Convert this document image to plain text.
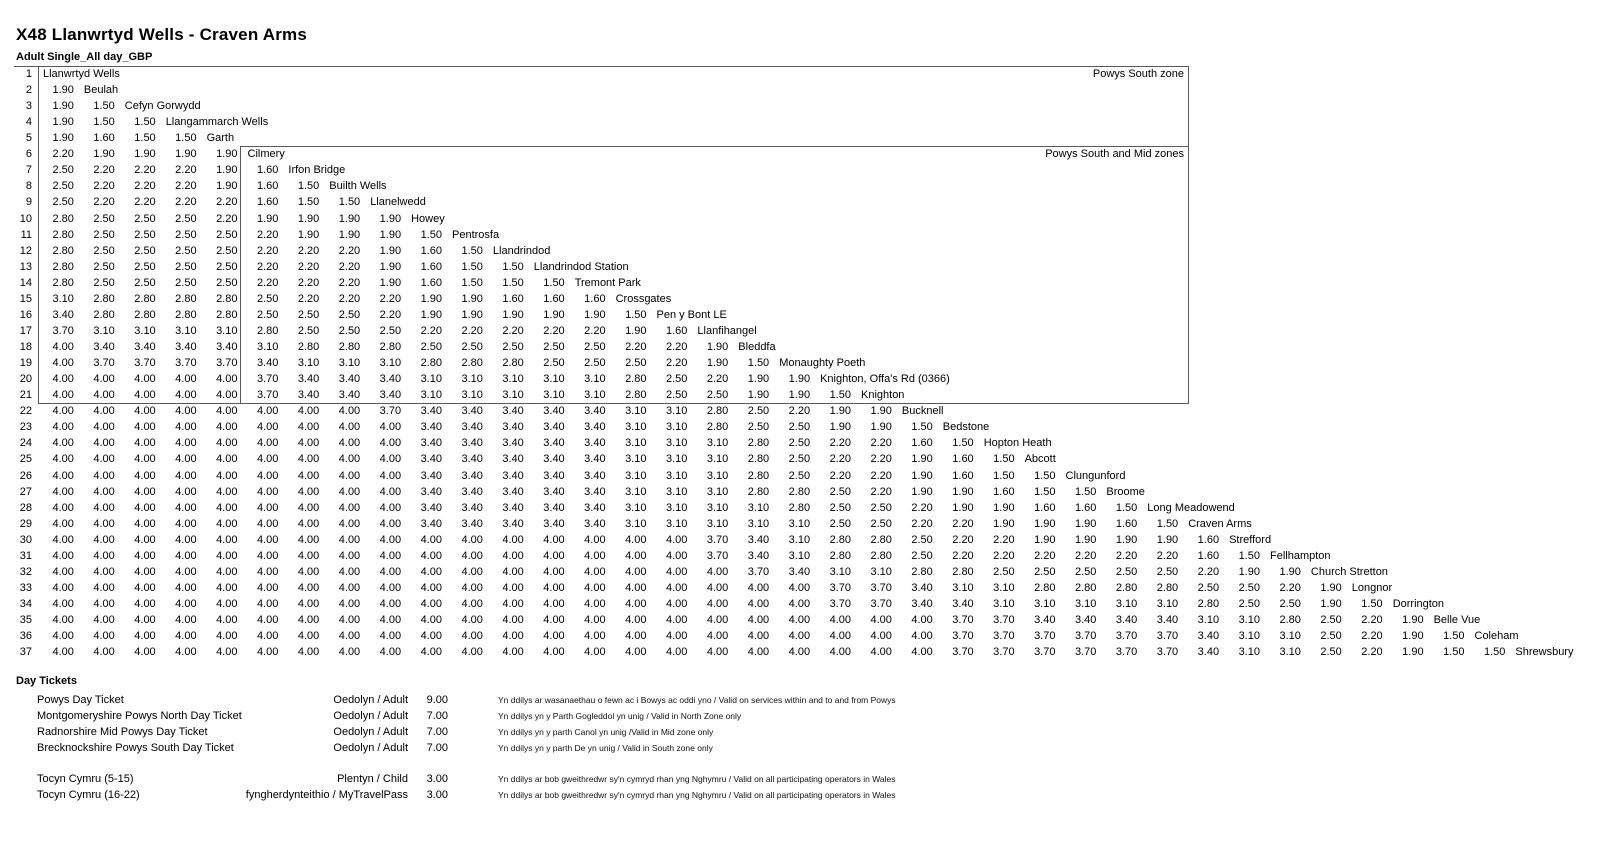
X48 Llanwrtyd Wells - Craven Arms
Adult Single_All day_GBP
1 Llanwrtyd Wells
2	1.90 Beulah
3	1.90	1.50 Cefyn Gorwydd
4	1.90	1.50	1.50 Llangammarch Wells
5	1.90	1.60	1.50	1.50 Garth
6	2.20	1.90	1.90	1.90	1.90 Cilmery
7	2.50	2.20	2.20	2.20	1.90	1.60 Irfon Bridge
8	2.50	2.20	2.20	2.20	1.90	1.60	1.50 Builth Wells
9	2.50	2.20	2.20	2.20	2.20	1.60	1.50	1.50 Llanelwedd
10	2.80	2.50	2.50	2.50	2.20	1.90	1.90	1.90	1.90 Howey
11	2.80	2.50	2.50	2.50	2.50	2.20	1.90	1.90	1.90	1.50 Pentrosfa
12	2.80	2.50	2.50	2.50	2.50	2.20	2.20	2.20	1.90	1.60	1.50 Llandrindod
13	2.80	2.50	2.50	2.50	2.50	2.20	2.20	2.20	1.90	1.60	1.50	1.50 Llandrindod Station
14	2.80	2.50	2.50	2.50	2.50	2.20	2.20	2.20	1.90	1.60	1.50	1.50	1.50 Tremont Park
15	3.10	2.80	2.80	2.80	2.80	2.50	2.20	2.20	2.20	1.90	1.90	1.60	1.60	1.60 Crossgates
16	3.40	2.80	2.80	2.80	2.80	2.50	2.50	2.50	2.20	1.90	1.90	1.90	1.90	1.90	1.50 Pen y Bont LE
17	3.70	3.10	3.10	3.10	3.10	2.80	2.50	2.50	2.50	2.20	2.20	2.20	2.20	2.20	1.90	1.60 Llanfihangel
18	4.00	3.40	3.40	3.40	3.40	3.10	2.80	2.80	2.80	2.50	2.50	2.50	2.50	2.50	2.20	2.20	1.90 Bleddfa
19	4.00	3.70	3.70	3.70	3.70	3.40	3.10	3.10	3.10	2.80	2.80	2.80	2.50	2.50	2.50	2.20	1.90	1.50 Monaughty Poeth
20	4.00	4.00	4.00	4.00	4.00	3.70	3.40	3.40	3.40	3.10	3.10	3.10	3.10	3.10	2.80	2.50	2.20	1.90	1.90 Knighton, Offa's Rd (0366)
21	4.00	4.00	4.00	4.00	4.00	3.70	3.40	3.40	3.40	3.10	3.10	3.10	3.10	3.10	2.80	2.50	2.50	1.90	1.90	1.50 Knighton
22	4.00	4.00	4.00	4.00	4.00	4.00	4.00	4.00	3.70	3.40	3.40	3.40	3.40	3.40	3.10	3.10	2.80	2.50	2.20	1.90	1.90 Bucknell
23	4.00	4.00	4.00	4.00	4.00	4.00	4.00	4.00	4.00	3.40	3.40	3.40	3.40	3.40	3.10	3.10	2.80	2.50	2.50	1.90	1.90	1.50 Bedstone
24	4.00	4.00	4.00	4.00	4.00	4.00	4.00	4.00	4.00	3.40	3.40	3.40	3.40	3.40	3.10	3.10	3.10	2.80	2.50	2.20	2.20	1.60	1.50 Hopton Heath
25	4.00	4.00	4.00	4.00	4.00	4.00	4.00	4.00	4.00	3.40	3.40	3.40	3.40	3.40	3.10	3.10	3.10	2.80	2.50	2.20	2.20	1.90	1.60	1.50 Abcott
26	4.00	4.00	4.00	4.00	4.00	4.00	4.00	4.00	4.00	3.40	3.40	3.40	3.40	3.40	3.10	3.10	3.10	2.80	2.50	2.20	2.20	1.90	1.60	1.50	1.50 Clungunford
27	4.00	4.00	4.00	4.00	4.00	4.00	4.00	4.00	4.00	3.40	3.40	3.40	3.40	3.40	3.10	3.10	3.10	2.80	2.80	2.50	2.20	1.90	1.90	1.60	1.50	1.50 Broome
28	4.00	4.00	4.00	4.00	4.00	4.00	4.00	4.00	4.00	3.40	3.40	3.40	3.40	3.40	3.10	3.10	3.10	3.10	2.80	2.50	2.50	2.20	1.90	1.90	1.60	1.60	1.50 Long Meadowend
29	4.00	4.00	4.00	4.00	4.00	4.00	4.00	4.00	4.00	3.40	3.40	3.40	3.40	3.40	3.10	3.10	3.10	3.10	3.10	2.50	2.50	2.20	2.20	1.90	1.90	1.90	1.60	1.50 Craven Arms
30	4.00	4.00	4.00	4.00	4.00	4.00	4.00	4.00	4.00	4.00	4.00	4.00	4.00	4.00	4.00	4.00	3.70	3.40	3.10	2.80	2.80	2.50	2.20	2.20	1.90	1.90	1.90	1.90	1.60 Strefford
31	4.00	4.00	4.00	4.00	4.00	4.00	4.00	4.00	4.00	4.00	4.00	4.00	4.00	4.00	4.00	4.00	3.70	3.40	3.10	2.80	2.80	2.50	2.20	2.20	2.20	2.20	2.20	2.20	1.60	1.50 Fellhampton
32	4.00	4.00	4.00	4.00	4.00	4.00	4.00	4.00	4.00	4.00	4.00	4.00	4.00	4.00	4.00	4.00	4.00	3.70	3.40	3.10	3.10	2.80	2.80	2.50	2.50	2.50	2.50	2.50	2.20	1.90	1.90 Church Stretton
33	4.00	4.00	4.00	4.00	4.00	4.00	4.00	4.00	4.00	4.00	4.00	4.00	4.00	4.00	4.00	4.00	4.00	4.00	4.00	3.70	3.70	3.40	3.10	3.10	2.80	2.80	2.80	2.80	2.50	2.50	2.20	1.90 Longnor
34	4.00	4.00	4.00	4.00	4.00	4.00	4.00	4.00	4.00	4.00	4.00	4.00	4.00	4.00	4.00	4.00	4.00	4.00	4.00	3.70	3.70	3.40	3.40	3.10	3.10	3.10	3.10	3.10	2.80	2.50	2.50	1.90	1.50 Dorrington
35	4.00	4.00	4.00	4.00	4.00	4.00	4.00	4.00	4.00	4.00	4.00	4.00	4.00	4.00	4.00	4.00	4.00	4.00	4.00	4.00	4.00	4.00	3.70	3.70	3.40	3.40	3.40	3.40	3.10	3.10	2.80	2.50	2.20	1.90 Belle Vue
36	4.00	4.00	4.00	4.00	4.00	4.00	4.00	4.00	4.00	4.00	4.00	4.00	4.00	4.00	4.00	4.00	4.00	4.00	4.00	4.00	4.00	4.00	3.70	3.70	3.70	3.70	3.70	3.70	3.40	3.10	3.10	2.50	2.20	1.90	1.50 Coleham
37	4.00	4.00	4.00	4.00	4.00	4.00	4.00	4.00	4.00	4.00	4.00	4.00	4.00	4.00	4.00	4.00	4.00	4.00	4.00	4.00	4.00	4.00	3.70	3.70	3.70	3.70	3.70	3.70	3.40	3.10	3.10	2.50	2.20	1.90	1.50	1.50 Shrewsbury
Powys South zone
Powys South and Mid zones
Day Tickets
Powys Day Ticket	Oedolyn / Adult	9.00	Yn ddilys ar wasanaethau o fewn ac i Bowys ac oddi yno / Valid on services within and to and from Powys
Montgomeryshire Powys North Day Ticket	Oedolyn / Adult	7.00	Yn ddilys yn y Parth Gogleddol yn unig / Valid in North Zone only
Radnorshire Mid Powys Day Ticket	Oedolyn / Adult	7.00	Yn ddilys yn y parth Canol yn unig /Valid in Mid zone only
Brecknockshire Powys South Day Ticket	Oedolyn / Adult	7.00	Yn ddilys yn y parth De yn unig / Valid in South zone only
Tocyn Cymru (5-15)	Plentyn / Child	3.00	Yn ddilys ar bob gweithredwr sy'n cymryd rhan yng Nghymru / Valid on all participating operators in Wales
Tocyn Cymru (16-22)	fyngherdynteithio / MyTravelPass	3.00	Yn ddilys ar bob gweithredwr sy'n cymryd rhan yng Nghymru / Valid on all participating operators in Wales
